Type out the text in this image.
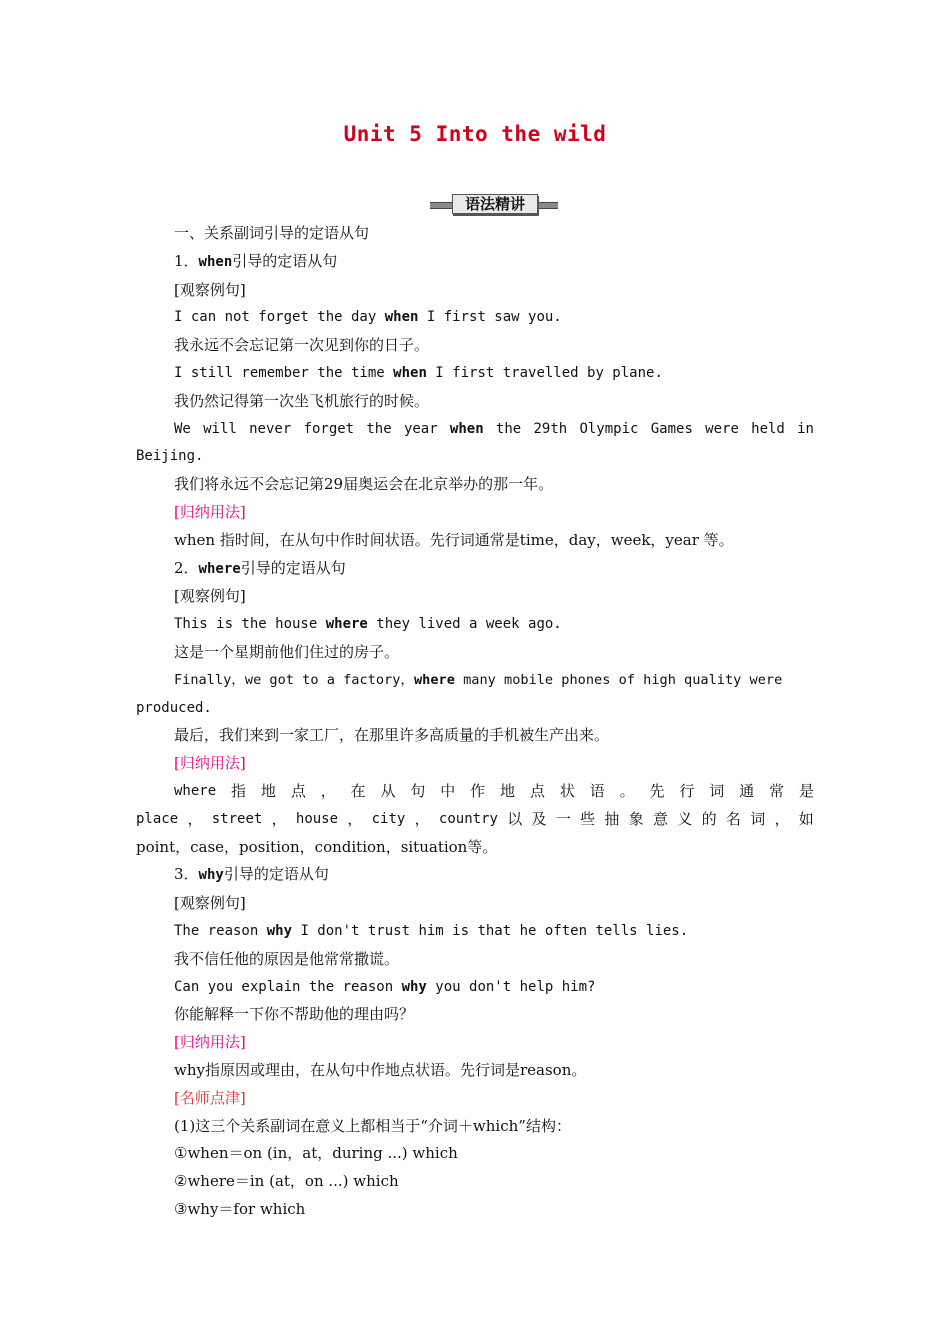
Unit 5 Into the wild
语法精讲

一、关系副词引导的定语从句

1．when引导的定语从句

[观察例句]

I can not forget the day when I first saw you.

我永远不会忘记第一次见到你的日子。

I still remember the time when I first travelled by plane.

我仍然记得第一次坐飞机旅行的时候。

We will never forget the year when the 29th Olympic Games were held in

Beijing.

我们将永远不会忘记第29届奥运会在北京举办的那一年。

[归纳用法]

when 指时间，在从句中作时间状语。先行词通常是time，day，week，year 等。

2．where引导的定语从句

[观察例句]

This is the house where they lived a week ago.

这是一个星期前他们住过的房子。

Finally，we got to a factory，where many mobile phones of high quality were

produced.

最后，我们来到一家工厂，在那里许多高质量的手机被生产出来。

[归纳用法]

where 指 地 点 ， 在 从 句 中 作 地 点 状 语 。 先 行 词 通 常 是
place ， street ， house ， city ， country 以 及 一 些 抽 象 意 义 的 名 词 ， 如

point，case，position，condition，situation等。

3．why引导的定语从句

[观察例句]

The reason why I don't trust him is that he often tells lies.

我不信任他的原因是他常常撒谎。

Can you explain the reason why you don't help him?

你能解释一下你不帮助他的理由吗？

[归纳用法]

why指原因或理由，在从句中作地点状语。先行词是reason。

[名师点津]

(1)这三个关系副词在意义上都相当于“介词＋which”结构：

①when＝on (in，at，during ...) which

②where＝in (at，on ...) which

③why＝for which
